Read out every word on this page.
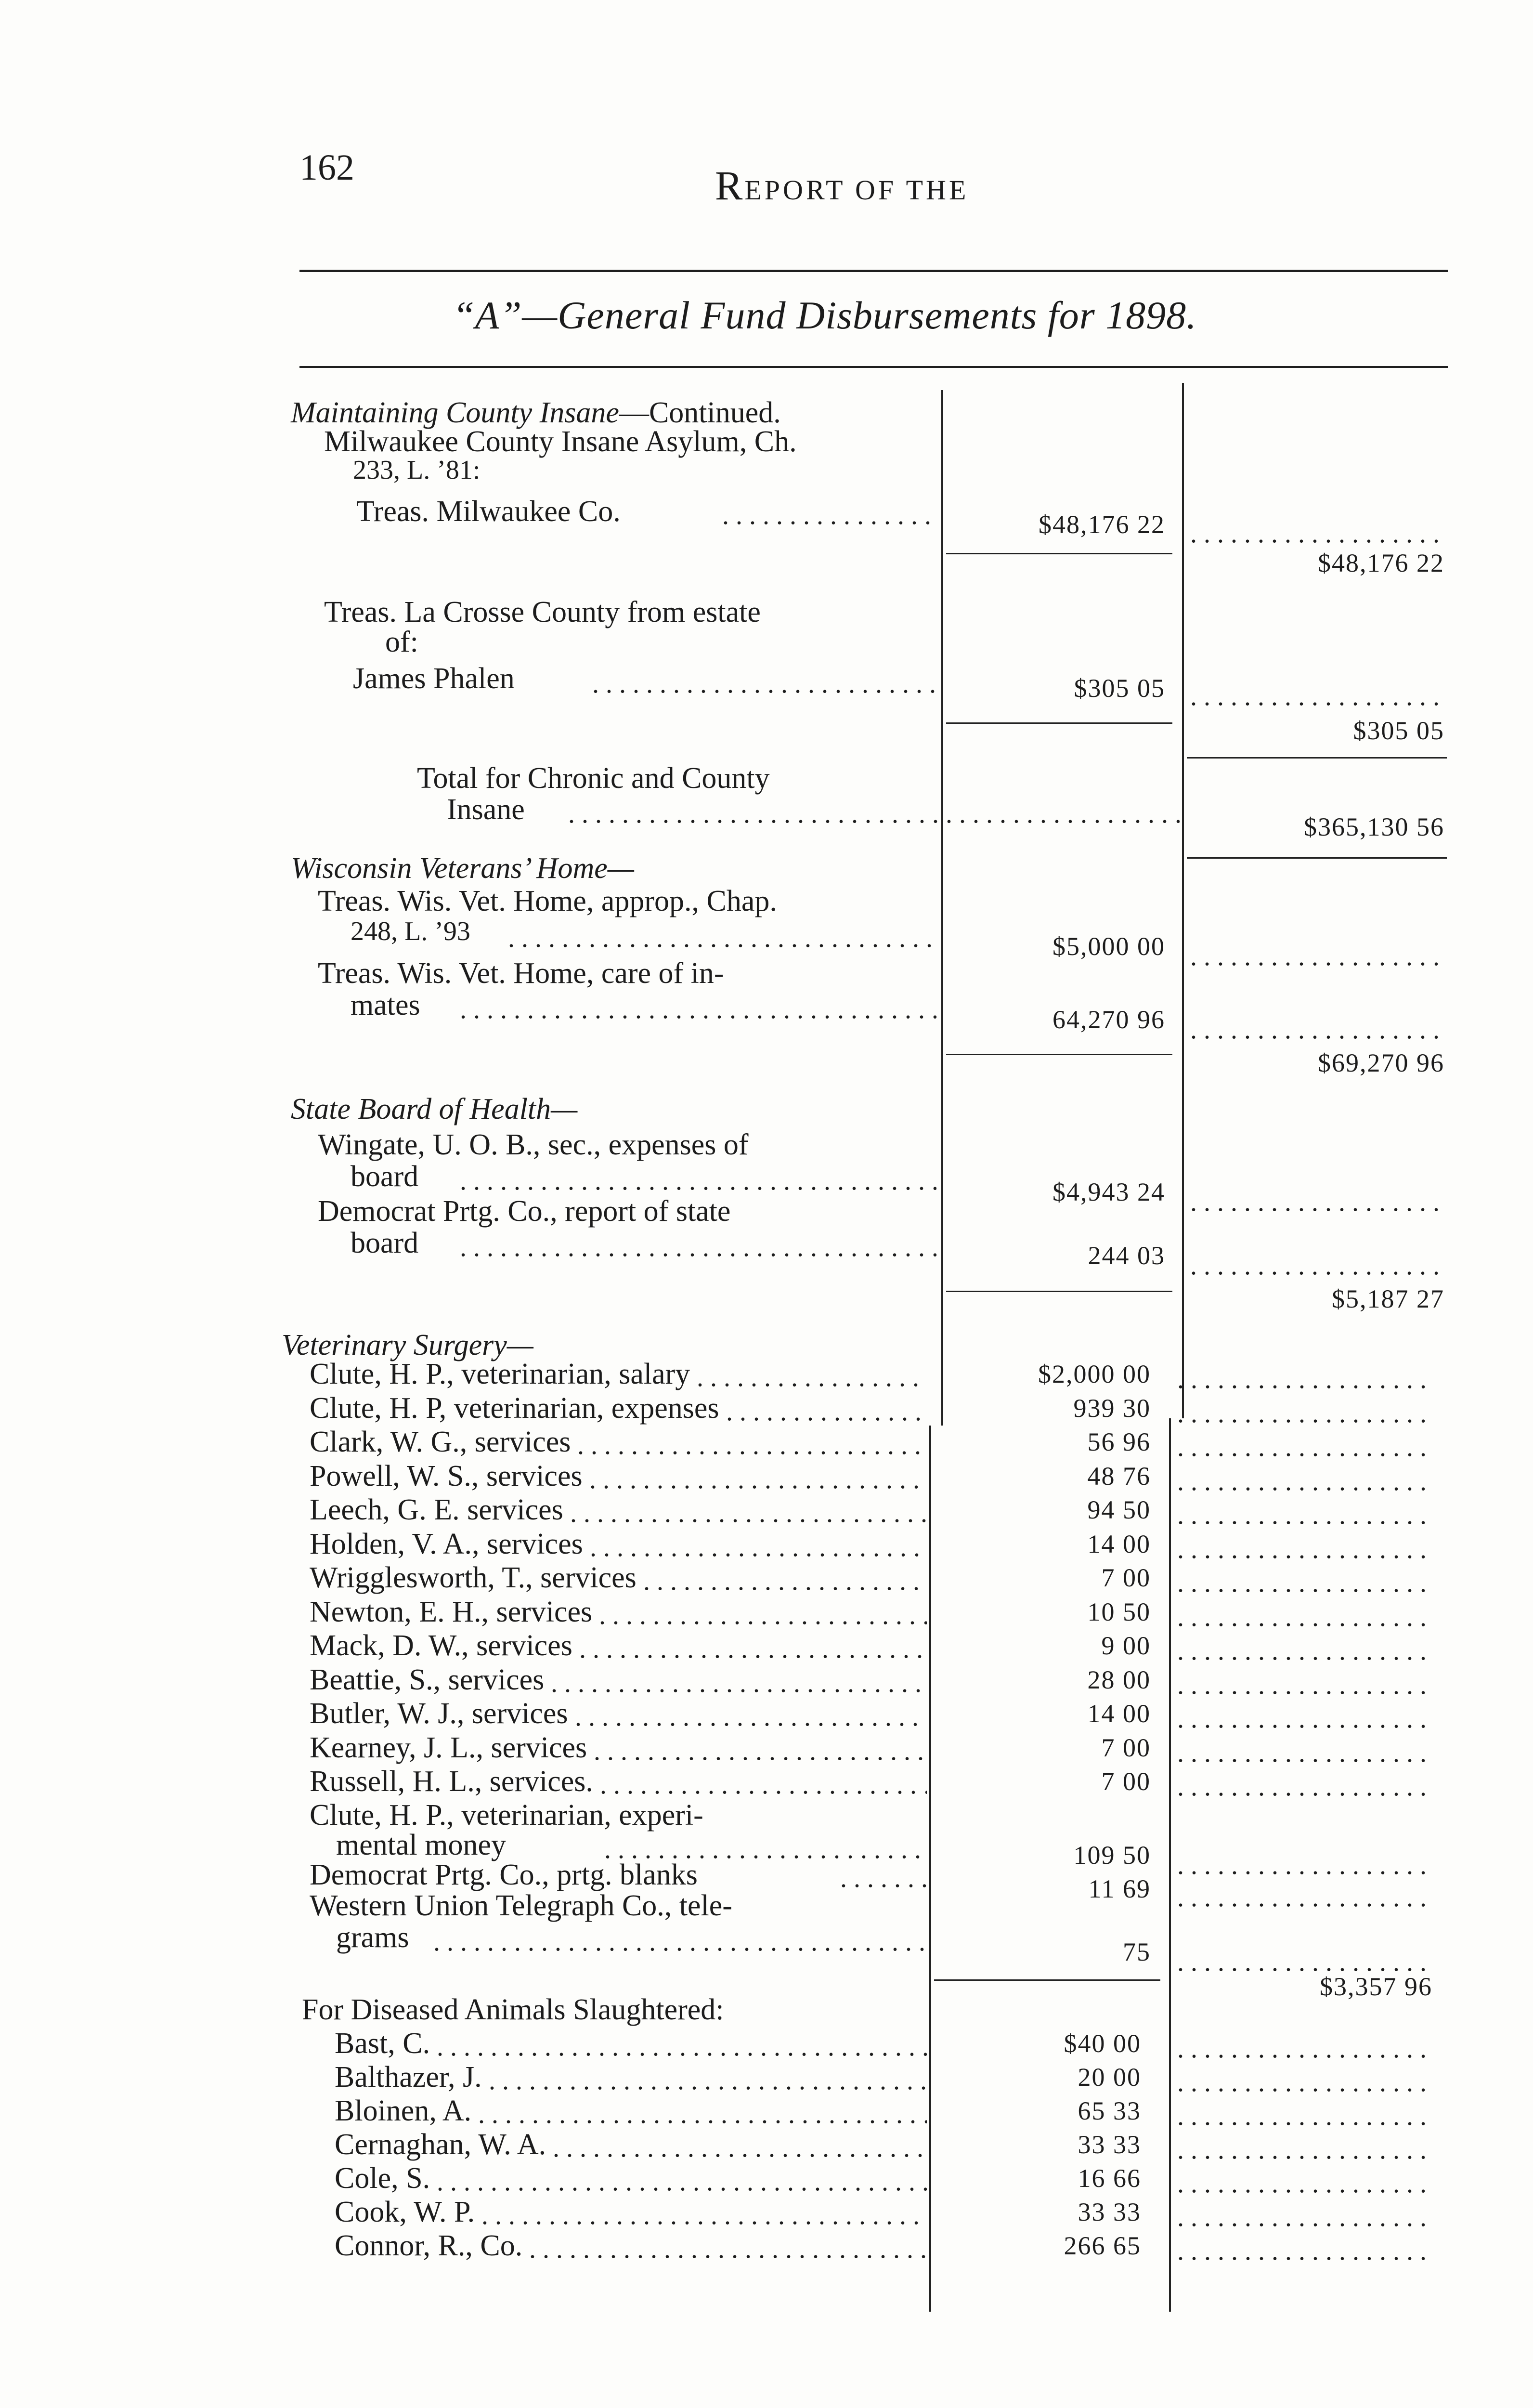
162	REPORT OF THE
“A”—General Fund Disbursements for 1898.
Maintaining County Insane—Continued.
Milwaukee County Insane Asylum, Ch.
233, L. ’81:
Treas. Milwaukee Co. . . .	$48,176 22
. . .
$48,176 22
Treas. La Crosse County from estate
of:
James Phalen . . .	$305 05
. . .
$305 05
Total for Chronic and County
Insane
. . .
$365,130 56
Wisconsin Veterans’ Home—
Treas. Wis. Vet. Home, approp., Chap.
248, L. ’93 . . .	$5,000 00
. . .
Treas. Wis. Vet. Home, care of in-
mates . . .	64,270 96
. . .
$69,270 96
State Board of Health—
Wingate, U. O. B., sec., expenses of
board . . .	$4,943 24
. . .
Democrat Prtg. Co., report of state
board . . .	244 03
. . .
$5,187 27
Veterinary Surgery—
Clute, H. P., veterinarian, salary . . .	$2,000 00
. . .
Clute, H. P, veterinarian, expenses . . .	939 30
. . .
Clark, W. G., services . . .	56 96
. . .
Powell, W. S., services . . .	48 76
. . .
Leech, G. E. services . . .	94 50
. . .
Holden, V. A., services . . .	14 00
. . .
Wrigglesworth, T., services . . .	7 00
. . .
Newton, E. H., services . . .	10 50
. . .
Mack, D. W., services . . .	9 00
. . .
Beattie, S., services . . .	28 00
. . .
Butler, W. J., services . . .	14 00
. . .
Kearney, J. L., services . . .	7 00
. . .
Russell, H. L., services. . . .	7 00
. . .
Clute, H. P., veterinarian, experi-
mental money . . .	109 50
. . .
Democrat Prtg. Co., prtg. blanks . . .	11 69
. . .
Western Union Telegraph Co., tele-
grams . . .	75
. . .
$3,357 96
For Diseased Animals Slaughtered:
Bast, C. . . .	$40 00
. . .
Balthazer, J. . . .	20 00
. . .
Bloinen, A. . . .	65 33
. . .
Cernaghan, W. A. . . .	33 33
. . .
Cole, S. . . .	16 66
. . .
Cook, W. P. . . .	33 33
. . .
Connor, R., Co. . . .	266 65
. . .
